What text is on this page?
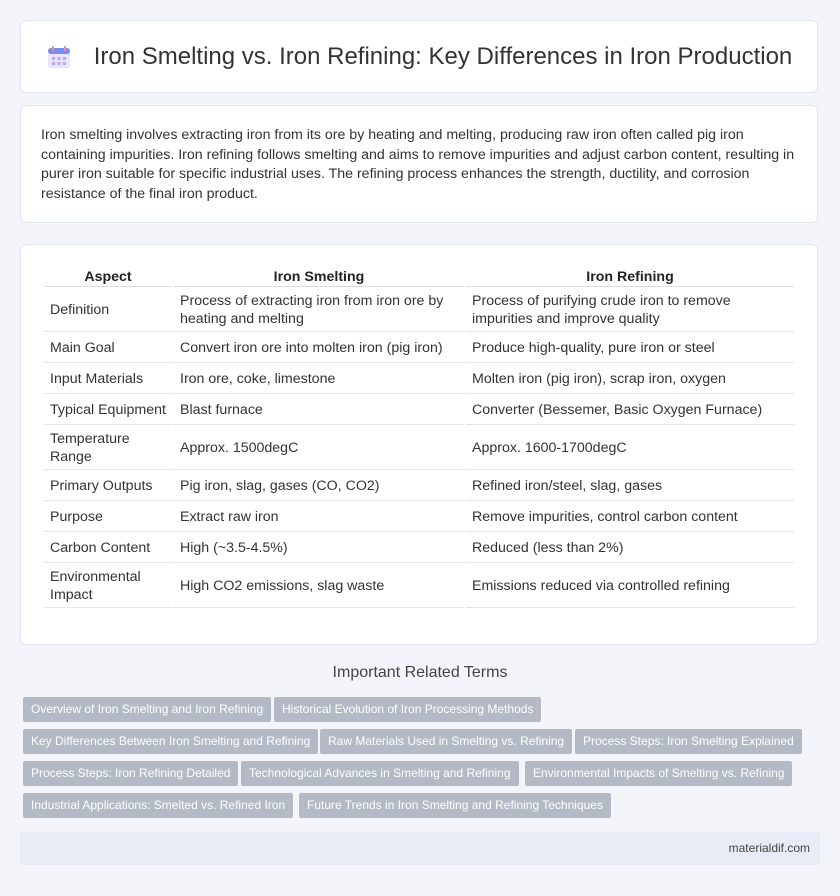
Iron Smelting vs. Iron Refining: Key Differences in Iron Production

Iron smelting involves extracting iron from its ore by heating and melting, producing raw iron often called pig iron containing impurities. Iron refining follows smelting and aims to remove impurities and adjust carbon content, resulting in purer iron suitable for specific industrial uses. The refining process enhances the strength, ductility, and corrosion resistance of the final iron product.

Aspect	Iron Smelting	Iron Refining
Definition	Process of extracting iron from iron ore by heating and melting	Process of purifying crude iron to remove impurities and improve quality
Main Goal	Convert iron ore into molten iron (pig iron)	Produce high-quality, pure iron or steel
Input Materials	Iron ore, coke, limestone	Molten iron (pig iron), scrap iron, oxygen
Typical Equipment	Blast furnace	Converter (Bessemer, Basic Oxygen Furnace)
Temperature Range	Approx. 1500degC	Approx. 1600-1700degC
Primary Outputs	Pig iron, slag, gases (CO, CO2)	Refined iron/steel, slag, gases
Purpose	Extract raw iron	Remove impurities, control carbon content
Carbon Content	High (~3.5-4.5%)	Reduced (less than 2%)
Environmental Impact	High CO2 emissions, slag waste	Emissions reduced via controlled refining
Important Related Terms
Overview of Iron Smelting and Iron Refining	Historical Evolution of Iron Processing Methods
Key Differences Between Iron Smelting and Refining	Raw Materials Used in Smelting vs. Refining	Process Steps: Iron Smelting Explained
Process Steps: Iron Refining Detailed	Technological Advances in Smelting and Refining	Environmental Impacts of Smelting vs. Refining
Industrial Applications: Smelted vs. Refined Iron	Future Trends in Iron Smelting and Refining Techniques
materialdif.com
